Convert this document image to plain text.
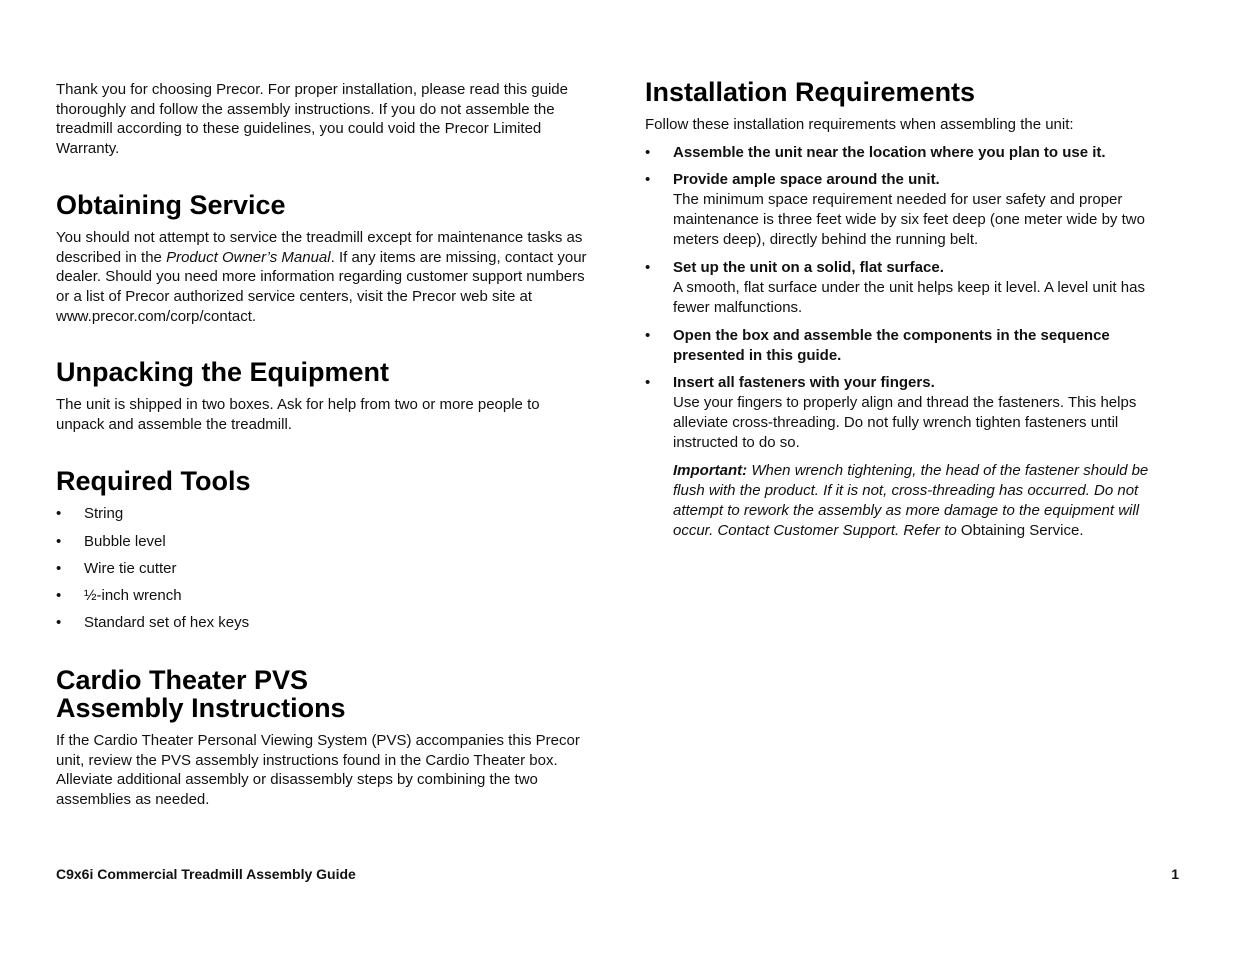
Thank you for choosing Precor. For proper installation, please read this guide thoroughly and follow the assembly instructions. If you do not assemble the treadmill according to these guidelines, you could void the Precor Limited Warranty.

Obtaining Service

You should not attempt to service the treadmill except for maintenance tasks as described in the Product Owner’s Manual. If any items are missing, contact your dealer. Should you need more information regarding customer support numbers or a list of Precor authorized service centers, visit the Precor web site at www.precor.com/corp/contact.

Unpacking the Equipment

The unit is shipped in two boxes. Ask for help from two or more people to unpack and assemble the treadmill.

Required Tools
• String
• Bubble level
• Wire tie cutter
• ½-inch wrench
• Standard set of hex keys
Cardio Theater PVS
Assembly Instructions

If the Cardio Theater Personal Viewing System (PVS) accompanies this Precor unit, review the PVS assembly instructions found in the Cardio Theater box. Alleviate additional assembly or disassembly steps by combining the two assemblies as needed.

Installation Requirements

Follow these installation requirements when assembling the unit:

• Assemble the unit near the location where you plan to use it.
• Provide ample space around the unit.
The minimum space requirement needed for user safety and proper maintenance is three feet wide by six feet deep (one meter wide by two meters deep), directly behind the running belt.
• Set up the unit on a solid, flat surface.
A smooth, flat surface under the unit helps keep it level. A level unit has fewer malfunctions.
• Open the box and assemble the components in the sequence presented in this guide.
• Insert all fasteners with your fingers.
Use your fingers to properly align and thread the fasteners. This helps alleviate cross-threading. Do not fully wrench tighten fasteners until instructed to do so.
Important: When wrench tightening, the head of the fastener should be flush with the product. If it is not, cross-threading has occurred. Do not attempt to rework the assembly as more damage to the equipment will occur. Contact Customer Support. Refer to Obtaining Service.
C9x6i Commercial Treadmill Assembly Guide	1
